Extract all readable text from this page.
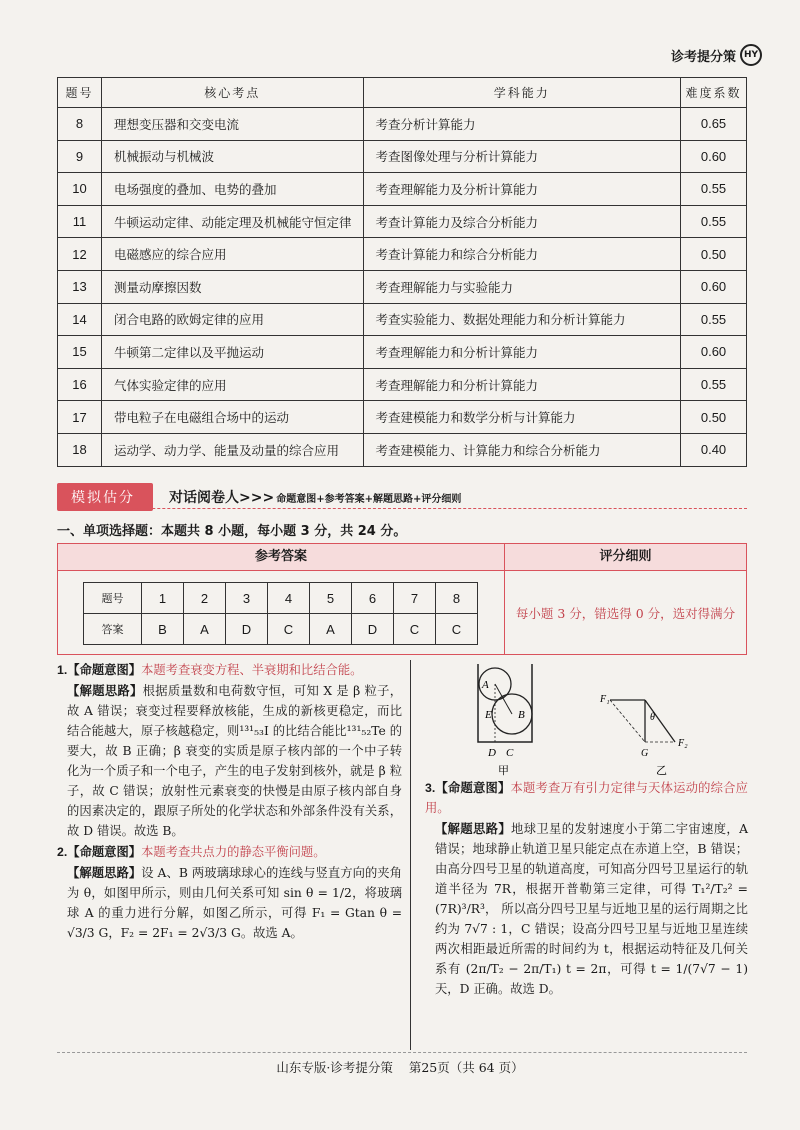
诊考提分策 HY
题号	核心考点	学科能力	难度系数
8	理想变压器和交变电流	考查分析计算能力	0.65
9	机械振动与机械波	考查图像处理与分析计算能力	0.60
10	电场强度的叠加、电势的叠加	考查理解能力及分析计算能力	0.55
11	牛顿运动定律、动能定理及机械能守恒定律	考查计算能力及综合分析能力	0.55
12	电磁感应的综合应用	考查计算能力和综合分析能力	0.50
13	测量动摩擦因数	考查理解能力与实验能力	0.60
14	闭合电路的欧姆定律的应用	考查实验能力、数据处理能力和分析计算能力	0.55
15	牛顿第二定律以及平抛运动	考查理解能力和分析计算能力	0.60
16	气体实验定律的应用	考查理解能力和分析计算能力	0.55
17	带电粒子在电磁组合场中的运动	考查建模能力和数学分析与计算能力	0.50
18	运动学、动力学、能量及动量的综合应用	考查建模能力、计算能力和综合分析能力	0.40
模拟估分	对话阅卷人>>> 命题意图+参考答案+解题思路+评分细则
一、单项选择题：本题共 8 小题，每小题 3 分，共 24 分。
参考答案
题号	1	2	3	4	5	6	7	8
答案	B	A	D	C	A	D	C	C
评分细则
每小题 3 分，错选得 0 分，选对得满分
1.【命题意图】本题考查衰变方程、半衰期和比结合能。
【解题思路】根据质量数和电荷数守恒，可知 X 是 β 粒子，故 A 错误；衰变过程要释放核能，生成的新核更稳定，而比结合能越大，原子核越稳定，则¹³¹₅₃I 的比结合能比¹³¹₅₂Te 的要大，故 B 正确；β 衰变的实质是原子核内部的一个中子转化为一个质子和一个电子，产生的电子发射到核外，就是 β 粒子，故 C 错误；放射性元素衰变的快慢是由原子核内部自身的因素决定的，跟原子所处的化学状态和外部条件没有关系，故 D 错误。故选 B。
2.【命题意图】本题考查共点力的静态平衡问题。
【解题思路】设 A、B 两玻璃球球心的连线与竖直方向的夹角为 θ，如图甲所示，则由几何关系可知 sin θ = 1/2，将玻璃球 A 的重力进行分解，如图乙所示，可得 F₁ = Gtan θ = √3/3 G，F₂ = 2F₁ = 2√3/3 G。故选 A。
A
B
E
D C
甲
F₁
F₂
G
θ
乙
3.【命题意图】本题考查万有引力定律与天体运动的综合应用。
【解题思路】地球卫星的发射速度小于第二宇宙速度，A 错误；地球静止轨道卫星只能定点在赤道上空，B 错误；由高分四号卫星的轨道高度，可知高分四号卫星运行的轨道半径为 7R，根据开普勒第三定律，可得 T₁²/T₂² = (7R)³/R³， 所以高分四号卫星与近地卫星的运行周期之比约为 7√7 : 1，C 错误；设高分四号卫星与近地卫星连续两次相距最近所需的时间约为 t，根据运动特征及几何关系有 (2π/T₂ − 2π/T₁) t = 2π，可得 t = 1/(7√7 − 1) 天，D 正确。故选 D。
山东专版·诊考提分策 第25页（共 64 页）
